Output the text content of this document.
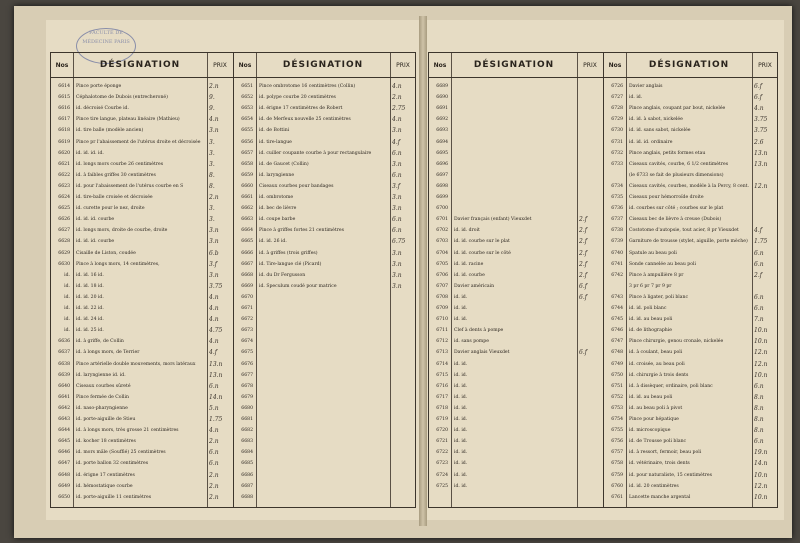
FACULTÉ DE MÉDECINE PARIS
Nos	DÉSIGNATION	PRIX
6614 Pince porte éponge	2.n
6615 Céphalotome de Dubois (entrecheroné)	9.
6616 id. décroisé Courbe id.	9.
6617 Pince tire langue, plateau linéaire (Mathieu)	4.n
6618 id. tire balle (modèle ancien)	3.n
6619 Pince pr l'abaissement de l'utérus droite et décroisée	3.
6620 id. id. id. id.	3.
6621 id. longs mors courbe 26 centimètres	3.
6622 id. à faibles griffes 30 centimètres	8.
6623 id. pour l'abaissement de l'utérus courbe en S	8.
6624 id. tire-balle croisée et décroisée	2.n
6625 id. curette pour le nez, droite	3.
6626 id. id. id. courbe	3.
6627 id. longs mors, droite de courbe, droite	3.n
6628 id. id. id. courbe	3.n
6629 Cisaille de Liston, coudée	6.b
6630 Pince à longs mors, 14 centimètres,	3.f
id. id. id. 16 id.	3.n
id. id. id. 18 id.	3.75
id. id. id. 20 id.	4.n
id. id. id. 22 id.	4.n
id. id. id. 24 id.	4.n
id. id. id. 25 id.	4.75
6636 id. à griffe, de Collin	4.n
6637 id. à longs mors, de Terrier	4.f
6638 Pince artérielle double mouvements, mors latéraux	13.n
6639 id. laryngienne id. id.	13.n
6640 Ciseaux courbes sûreté	6.n
6641 Pince fermée de Collin	14.n
6642 id. naso-pharyngienne	5.n
6643 id. porte-aiguille de Stieu	1.75
6644 id. à longs mors, très grosse 21 centimètres	4.n
6645 id. kocher 18 centimètres	2.n
6646 id. mors mâle (Souffié) 25 centimètres	6.n
6647 id. porte ballon 32 centimètres	6.n
6648 id. érigne 17 centimètres	2.n
6649 id. hémostatique courbe	2.n
6650 id. porte-aiguille 11 centimètres	2.n
Nos	DÉSIGNATION	PRIX
6651 Pince ombrotome 16 centimètres (Collin)	4.n
6652 id. polype courbe 20 centimètres	2.n
6653 id. érigne 17 centimètres de Robert	2.75
6654 id. de Merfeux nouvelle 25 centimètres	4.n
6655 id. de Bottini	3.n
6656 id. tire-langue	4.f
6657 id. cuiller coupante courbe à pour rectangulaire	6.n
6658 id. de Gaucet (Collin)	3.n
6659 id. laryngienne	6.n
6660 Ciseaux courbes pour bandages	3.f
6661 id. ombrotome	3.n
6662 id. bec de lièvre	3.n
6663 id. coupe barbe	6.n
6664 Pince à griffes fortes 21 centimètres	6.n
6665 id. id. 26 id.	6.75
6666 id. à griffes (trois griffes)	3.n
6667 id. Tire-langue clé (Picard)	3.n
6668 id. du Dr Fergusson	3.n
6669 id. Speculum coudé pour matrice	3.n
6670
6671
6672
6673
6674
6675
6676
6677
6678
6679
6680
6681
6682
6683
6684
6685
6686
6687
6688
Nos	DÉSIGNATION	PRIX
6689
6690
6691
6692
6693
6694
6695
6696
6697
6698
6699
6700
6701 Davier français (enfant) Vieuxdet	2.f
6702 id. id. droit	2.f
6703 id. id. courbe sur le plat	2.f
6704 id. id. courbe sur le côté	2.f
6705 id. id. racine	2.f
6706 id. id. courbe	2.f
6707 Davier américain	6.f
6708 id. id.	6.f
6709 id. id.
6710 id. id.
6711 Clef à dents à pompe
6712 id. sans pompe
6713 Davier anglais Vieuxdet	6.f
6714 id. id.
6715 id. id.
6716 id. id.
6717 id. id.
6718 id. id.
6719 id. id.
6720 id. id.
6721 id. id.
6722 id. id.
6723 id. id.
6724 id. id.
6725 id. id.
Nos	DÉSIGNATION	PRIX
6726 Davier anglais	6.f
6727 id. id.	6.f
6728 Pince anglais, coupant par bout, nickelée	4.n
6729 id. id. à sabot, nickelée	3.75
6730 id. id. sans sabot, nickelée	3.75
6731 id. id. id. ordinaire	2.6
6732 Pince anglais, petits formes etau	13.n
6733 Ciseaux cavités, courbe, 6 1/2 centimètres	13.n
(le 6733 se fait de plusieurs dimensions)
6734 Ciseaux cavités, courbes, modèle à la Percy, 8 cent. 12.n
6735 Ciseaux pour hémorroïde droite
6736 id. courbes sur côté ; courbes sur le plat
6737 Ciseaux bec de lièvre à creuse (Dubois)
6738 Costotome d'autopsie, tout acier, 8 pr Vieuxdet	4.f
6739 Garniture de trousse (stylet, aiguille, porte mèche)	1.75
6740 Spatule au beau poli	6.n
6741 Sonde cannelée au beau poli	6.n
6742 Pince à ampullière 8 pr	2.f
3 pr 6 pr 7 pr 9 pr
6743 Pince à ligater, poli blanc	6.n
6744 id. id. poli blanc	6.n
6745 id. id. au beau poli	7.n
6746 id. de lithographie	10.n
6747 Pince chirurgie, genou cronale, nickelée	10.n
6748 id. à coulant, beau poli	12.n
6749 id. croisée, au beau poli	12.n
6750 id. chirurgie à trois dents	10.n
6751 id. à dissèquer, ordinaire, poli blanc	6.n
6752 id. id. au beau poli	8.n
6753 id. au beau poli à pivot	8.n
6754 Pince pour hépatique	8.n
6755 id. microscopique	8.n
6756 id. de Trousse poli blanc	6.n
6757 id. à ressort, fermoir, beau poli	19.n
6758 id. vétérinaire, trois dents	14.n
6759 id. pour naturaliste, 15 centimètres	10.n
6760 id. id. 20 centimètres	12.n
6761 Lancette manche argental	10.n
